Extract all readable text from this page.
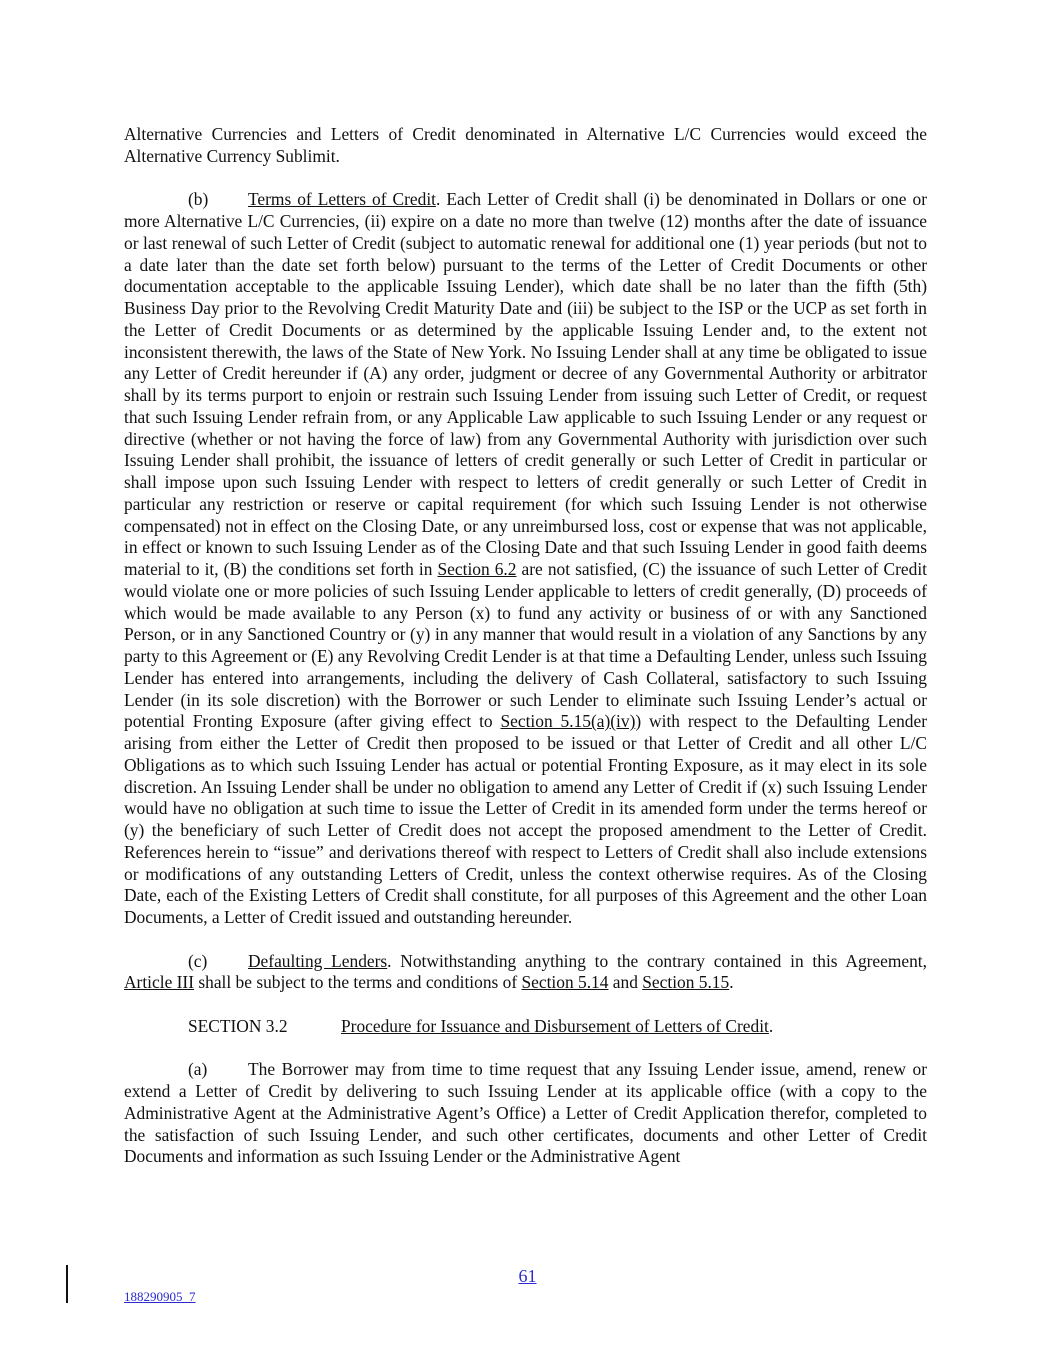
Alternative Currencies and Letters of Credit denominated in Alternative L/C Currencies would exceed the Alternative Currency Sublimit.

(b) Terms of Letters of Credit. Each Letter of Credit shall (i) be denominated in Dollars or one or more Alternative L/C Currencies, (ii) expire on a date no more than twelve (12) months after the date of issuance or last renewal of such Letter of Credit (subject to automatic renewal for additional one (1) year periods (but not to a date later than the date set forth below) pursuant to the terms of the Letter of Credit Documents or other documentation acceptable to the applicable Issuing Lender), which date shall be no later than the fifth (5th) Business Day prior to the Revolving Credit Maturity Date and (iii) be subject to the ISP or the UCP as set forth in the Letter of Credit Documents or as determined by the applicable Issuing Lender and, to the extent not inconsistent therewith, the laws of the State of New York. No Issuing Lender shall at any time be obligated to issue any Letter of Credit hereunder if (A) any order, judgment or decree of any Governmental Authority or arbitrator shall by its terms purport to enjoin or restrain such Issuing Lender from issuing such Letter of Credit, or request that such Issuing Lender refrain from, or any Applicable Law applicable to such Issuing Lender or any request or directive (whether or not having the force of law) from any Governmental Authority with jurisdiction over such Issuing Lender shall prohibit, the issuance of letters of credit generally or such Letter of Credit in particular or shall impose upon such Issuing Lender with respect to letters of credit generally or such Letter of Credit in particular any restriction or reserve or capital requirement (for which such Issuing Lender is not otherwise compensated) not in effect on the Closing Date, or any unreimbursed loss, cost or expense that was not applicable, in effect or known to such Issuing Lender as of the Closing Date and that such Issuing Lender in good faith deems material to it, (B) the conditions set forth in Section 6.2 are not satisfied, (C) the issuance of such Letter of Credit would violate one or more policies of such Issuing Lender applicable to letters of credit generally, (D) proceeds of which would be made available to any Person (x) to fund any activity or business of or with any Sanctioned Person, or in any Sanctioned Country or (y) in any manner that would result in a violation of any Sanctions by any party to this Agreement or (E) any Revolving Credit Lender is at that time a Defaulting Lender, unless such Issuing Lender has entered into arrangements, including the delivery of Cash Collateral, satisfactory to such Issuing Lender (in its sole discretion) with the Borrower or such Lender to eliminate such Issuing Lender’s actual or potential Fronting Exposure (after giving effect to Section 5.15(a)(iv)) with respect to the Defaulting Lender arising from either the Letter of Credit then proposed to be issued or that Letter of Credit and all other L/C Obligations as to which such Issuing Lender has actual or potential Fronting Exposure, as it may elect in its sole discretion. An Issuing Lender shall be under no obligation to amend any Letter of Credit if (x) such Issuing Lender would have no obligation at such time to issue the Letter of Credit in its amended form under the terms hereof or (y) the beneficiary of such Letter of Credit does not accept the proposed amendment to the Letter of Credit. References herein to “issue” and derivations thereof with respect to Letters of Credit shall also include extensions or modifications of any outstanding Letters of Credit, unless the context otherwise requires. As of the Closing Date, each of the Existing Letters of Credit shall constitute, for all purposes of this Agreement and the other Loan Documents, a Letter of Credit issued and outstanding hereunder.

(c) Defaulting Lenders. Notwithstanding anything to the contrary contained in this Agreement, Article III shall be subject to the terms and conditions of Section 5.14 and Section 5.15.

SECTION 3.2	Procedure for Issuance and Disbursement of Letters of Credit.

(a) The Borrower may from time to time request that any Issuing Lender issue, amend, renew or extend a Letter of Credit by delivering to such Issuing Lender at its applicable office (with a copy to the Administrative Agent at the Administrative Agent’s Office) a Letter of Credit Application therefor, completed to the satisfaction of such Issuing Lender, and such other certificates, documents and other Letter of Credit Documents and information as such Issuing Lender or the Administrative Agent

61
188290905_7
